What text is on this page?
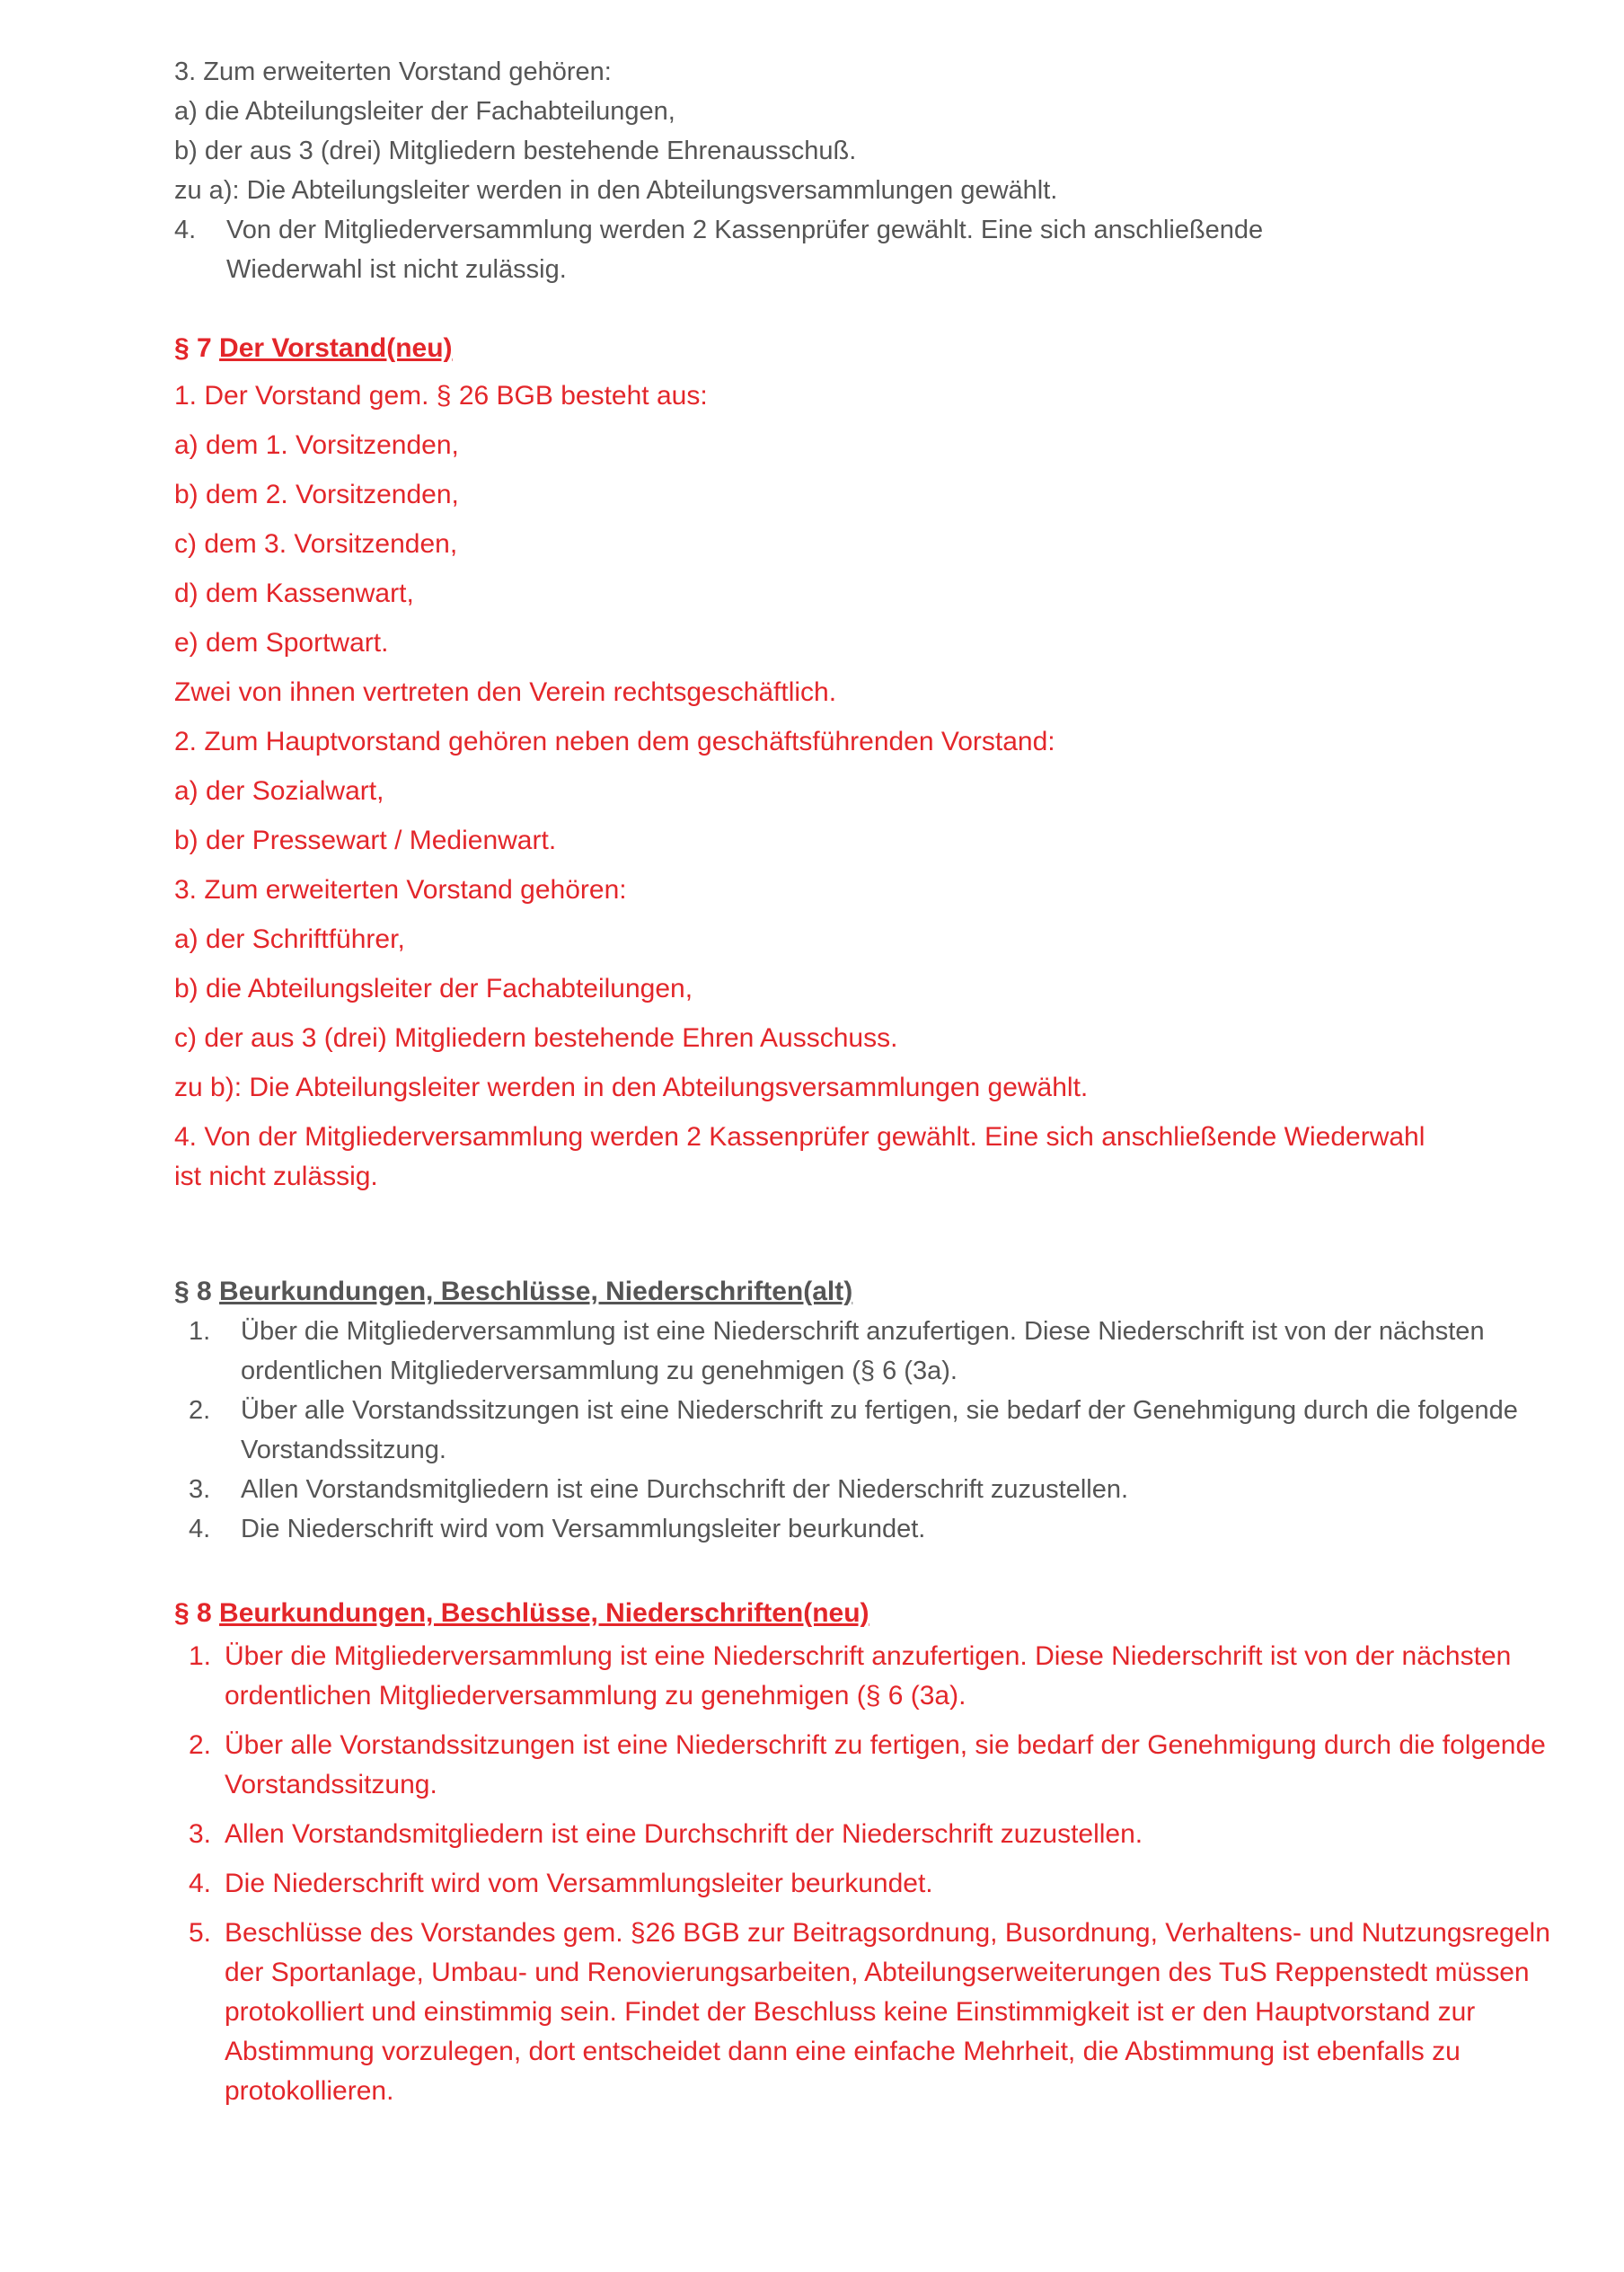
3. Zum erweiterten Vorstand gehören:
a) die Abteilungsleiter der Fachabteilungen,
b) der aus 3 (drei) Mitgliedern bestehende Ehrenausschuß.
zu a): Die Abteilungsleiter werden in den Abteilungsversammlungen gewählt.
4. Von der Mitgliederversammlung werden 2 Kassenprüfer gewählt. Eine sich anschließende
Wiederwahl ist nicht zulässig.
§ 7 Der Vorstand(neu)
1. Der Vorstand gem. § 26 BGB besteht aus:
a) dem 1. Vorsitzenden,
b) dem 2. Vorsitzenden,
c) dem 3. Vorsitzenden,
d) dem Kassenwart,
e) dem Sportwart.
Zwei von ihnen vertreten den Verein rechtsgeschäftlich.
2. Zum Hauptvorstand gehören neben dem geschäftsführenden Vorstand:
a) der Sozialwart,
b) der Pressewart / Medienwart.
3. Zum erweiterten Vorstand gehören:
a) der Schriftführer,
b) die Abteilungsleiter der Fachabteilungen,
c) der aus 3 (drei) Mitgliedern bestehende Ehren Ausschuss.
zu b): Die Abteilungsleiter werden in den Abteilungsversammlungen gewählt.
4. Von der Mitgliederversammlung werden 2 Kassenprüfer gewählt. Eine sich anschließende Wiederwahl
ist nicht zulässig.
§ 8 Beurkundungen, Beschlüsse, Niederschriften(alt)
1. Über die Mitgliederversammlung ist eine Niederschrift anzufertigen. Diese Niederschrift ist von der nächsten ordentlichen Mitgliederversammlung zu genehmigen (§ 6 (3a).
2. Über alle Vorstandssitzungen ist eine Niederschrift zu fertigen, sie bedarf der Genehmigung durch die folgende Vorstandssitzung.
3. Allen Vorstandsmitgliedern ist eine Durchschrift der Niederschrift zuzustellen.
4. Die Niederschrift wird vom Versammlungsleiter beurkundet.
§ 8 Beurkundungen, Beschlüsse, Niederschriften(neu)
1. Über die Mitgliederversammlung ist eine Niederschrift anzufertigen. Diese Niederschrift ist von der nächsten ordentlichen Mitgliederversammlung zu genehmigen (§ 6 (3a).
2. Über alle Vorstandssitzungen ist eine Niederschrift zu fertigen, sie bedarf der Genehmigung durch die folgende Vorstandssitzung.
3. Allen Vorstandsmitgliedern ist eine Durchschrift der Niederschrift zuzustellen.
4. Die Niederschrift wird vom Versammlungsleiter beurkundet.
5. Beschlüsse des Vorstandes gem. §26 BGB zur Beitragsordnung, Busordnung, Verhaltens- und Nutzungsregeln der Sportanlage, Umbau- und Renovierungsarbeiten, Abteilungserweiterungen des TuS Reppenstedt müssen protokolliert und einstimmig sein. Findet der Beschluss keine Einstimmigkeit ist er den Hauptvorstand zur Abstimmung vorzulegen, dort entscheidet dann eine einfache Mehrheit, die Abstimmung ist ebenfalls zu protokollieren.
